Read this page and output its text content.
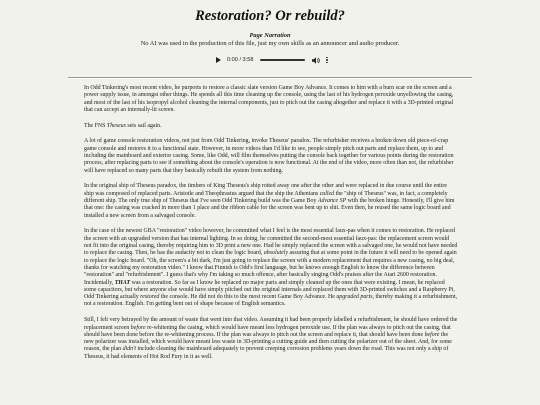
Restoration? Or rebuild?
Page Narration
No AI was used in the production of this file, just my own skills as an announcer and audio producer.
0:00 / 3:58

In Odd Tinkering's most recent video, he purports to restore a classic slate version Game Boy Advance. It comes to him with a burn scar on the screen and a power supply issue, in amongst other things. He spends all this time cleaning up the console, using the last of his hydrogen peroxide unyellowing the casing, and most of the last of his isopropyl alcohol cleaning the internal components, just to pitch out the casing altogether and replace it with a 3D-printed original that can accept an internally-lit screen.

The FNS Theseus sets sail again.

A lot of game console restoration videos, not just from Odd Tinkering, invoke Theseus' paradox. The refurbisher receives a broken down old piece-of-crap game console and restores it to a functional state. However, in more videos than I'd like to see, people simply pitch out parts and replace them, up to and including the mainboard and exterior casing. Some, like Odd, will film themselves putting the console back together for various points during the restoration process, after replacing parts to see if something about the console's operation is now functional. At the end of the video, more often than not, the refurbisher will have replaced so many parts that they basically rebuilt the system from nothing.

In the original ship of Theseus paradox, the timbers of King Theseus's ship rotted away one after the other and were replaced in due course until the entire ship was composed of replaced parts. Aristotle and Theophrastus argued that the ship the Athenians called the "ship of Theseus" was, in fact, a completely different ship. The only true ship of Theseus that I've seen Odd Tinkering build was the Game Boy Advance SP with the broken hinge. Honestly, I'll give him that one: the casing was cracked in more than 1 place and the ribbon cable for the screen was bent up to shit. Even then, he reused the same logic board and installed a new screen from a salvaged console.

In the case of the newest GBA "restoration" video however, he committed what I feel is the most essential faux-pas when it comes to restoration. He replaced the screen with an upgraded version that has internal lighting. In so doing, he committed the second-most essential faux-pas: the replacement screen would not fit into the original casing, thereby requiring him to 3D print a new one. Had he simply replaced the screen with a salvaged one, he would not have needed to replace the casing. Then, he has the audacity not to clean the logic board, absolutely assuring that at some point in the future it will need to be opened again to replace the logic board. "Oh, the screen's a bit dark, I'm just going to replace the screen with a modern replacement that requires a new casing, no big deal, thanks for watching my restoration video." I know that Finnish is Odd's first language, but he knows enough English to know the difference between "restoration" and "refurbishment". I guess that's why I'm taking so much offence, after basically singing Odd's praises after the Atari 2600 restoration. Incidentally, THAT was a restoration. So far as I know he replaced no major parts and simply cleaned up the ones that were existing. I mean, he replaced some capacitors, but where anyone else would have simply pitched out the original internals and replaced them with 3D-printed switches and a Raspberry Pi, Odd Tinkering actually restored the console. He did not do this to the most recent Game Boy Advance. He upgraded parts, thereby making it a refurbishment, not a restoration. English. I'm getting bent out of shape because of English semantics.

Still, I felt very betrayed by the amount of waste that went into that video. Assuming it had been properly labelled a refurbishment, he should have ordered the replacement screen before re-whitening the casing, which would have meant less hydrogen peroxide use. If the plan was always to pitch out the casing, that should have been done before the re-whitening process. If the plan was always to pitch out the screen and replace it, that should have been done before the new polarizer was installed, which would have meant less waste in 3D-printing a cutting guide and then cutting the polarizer out of the sheet. And, for some reason, the plan didn't include cleaning the mainboard adequately to prevent creeping corrosion problems years down the road. This was not only a ship of Theseus, it had elements of Hot Rod Fury in it as well.
